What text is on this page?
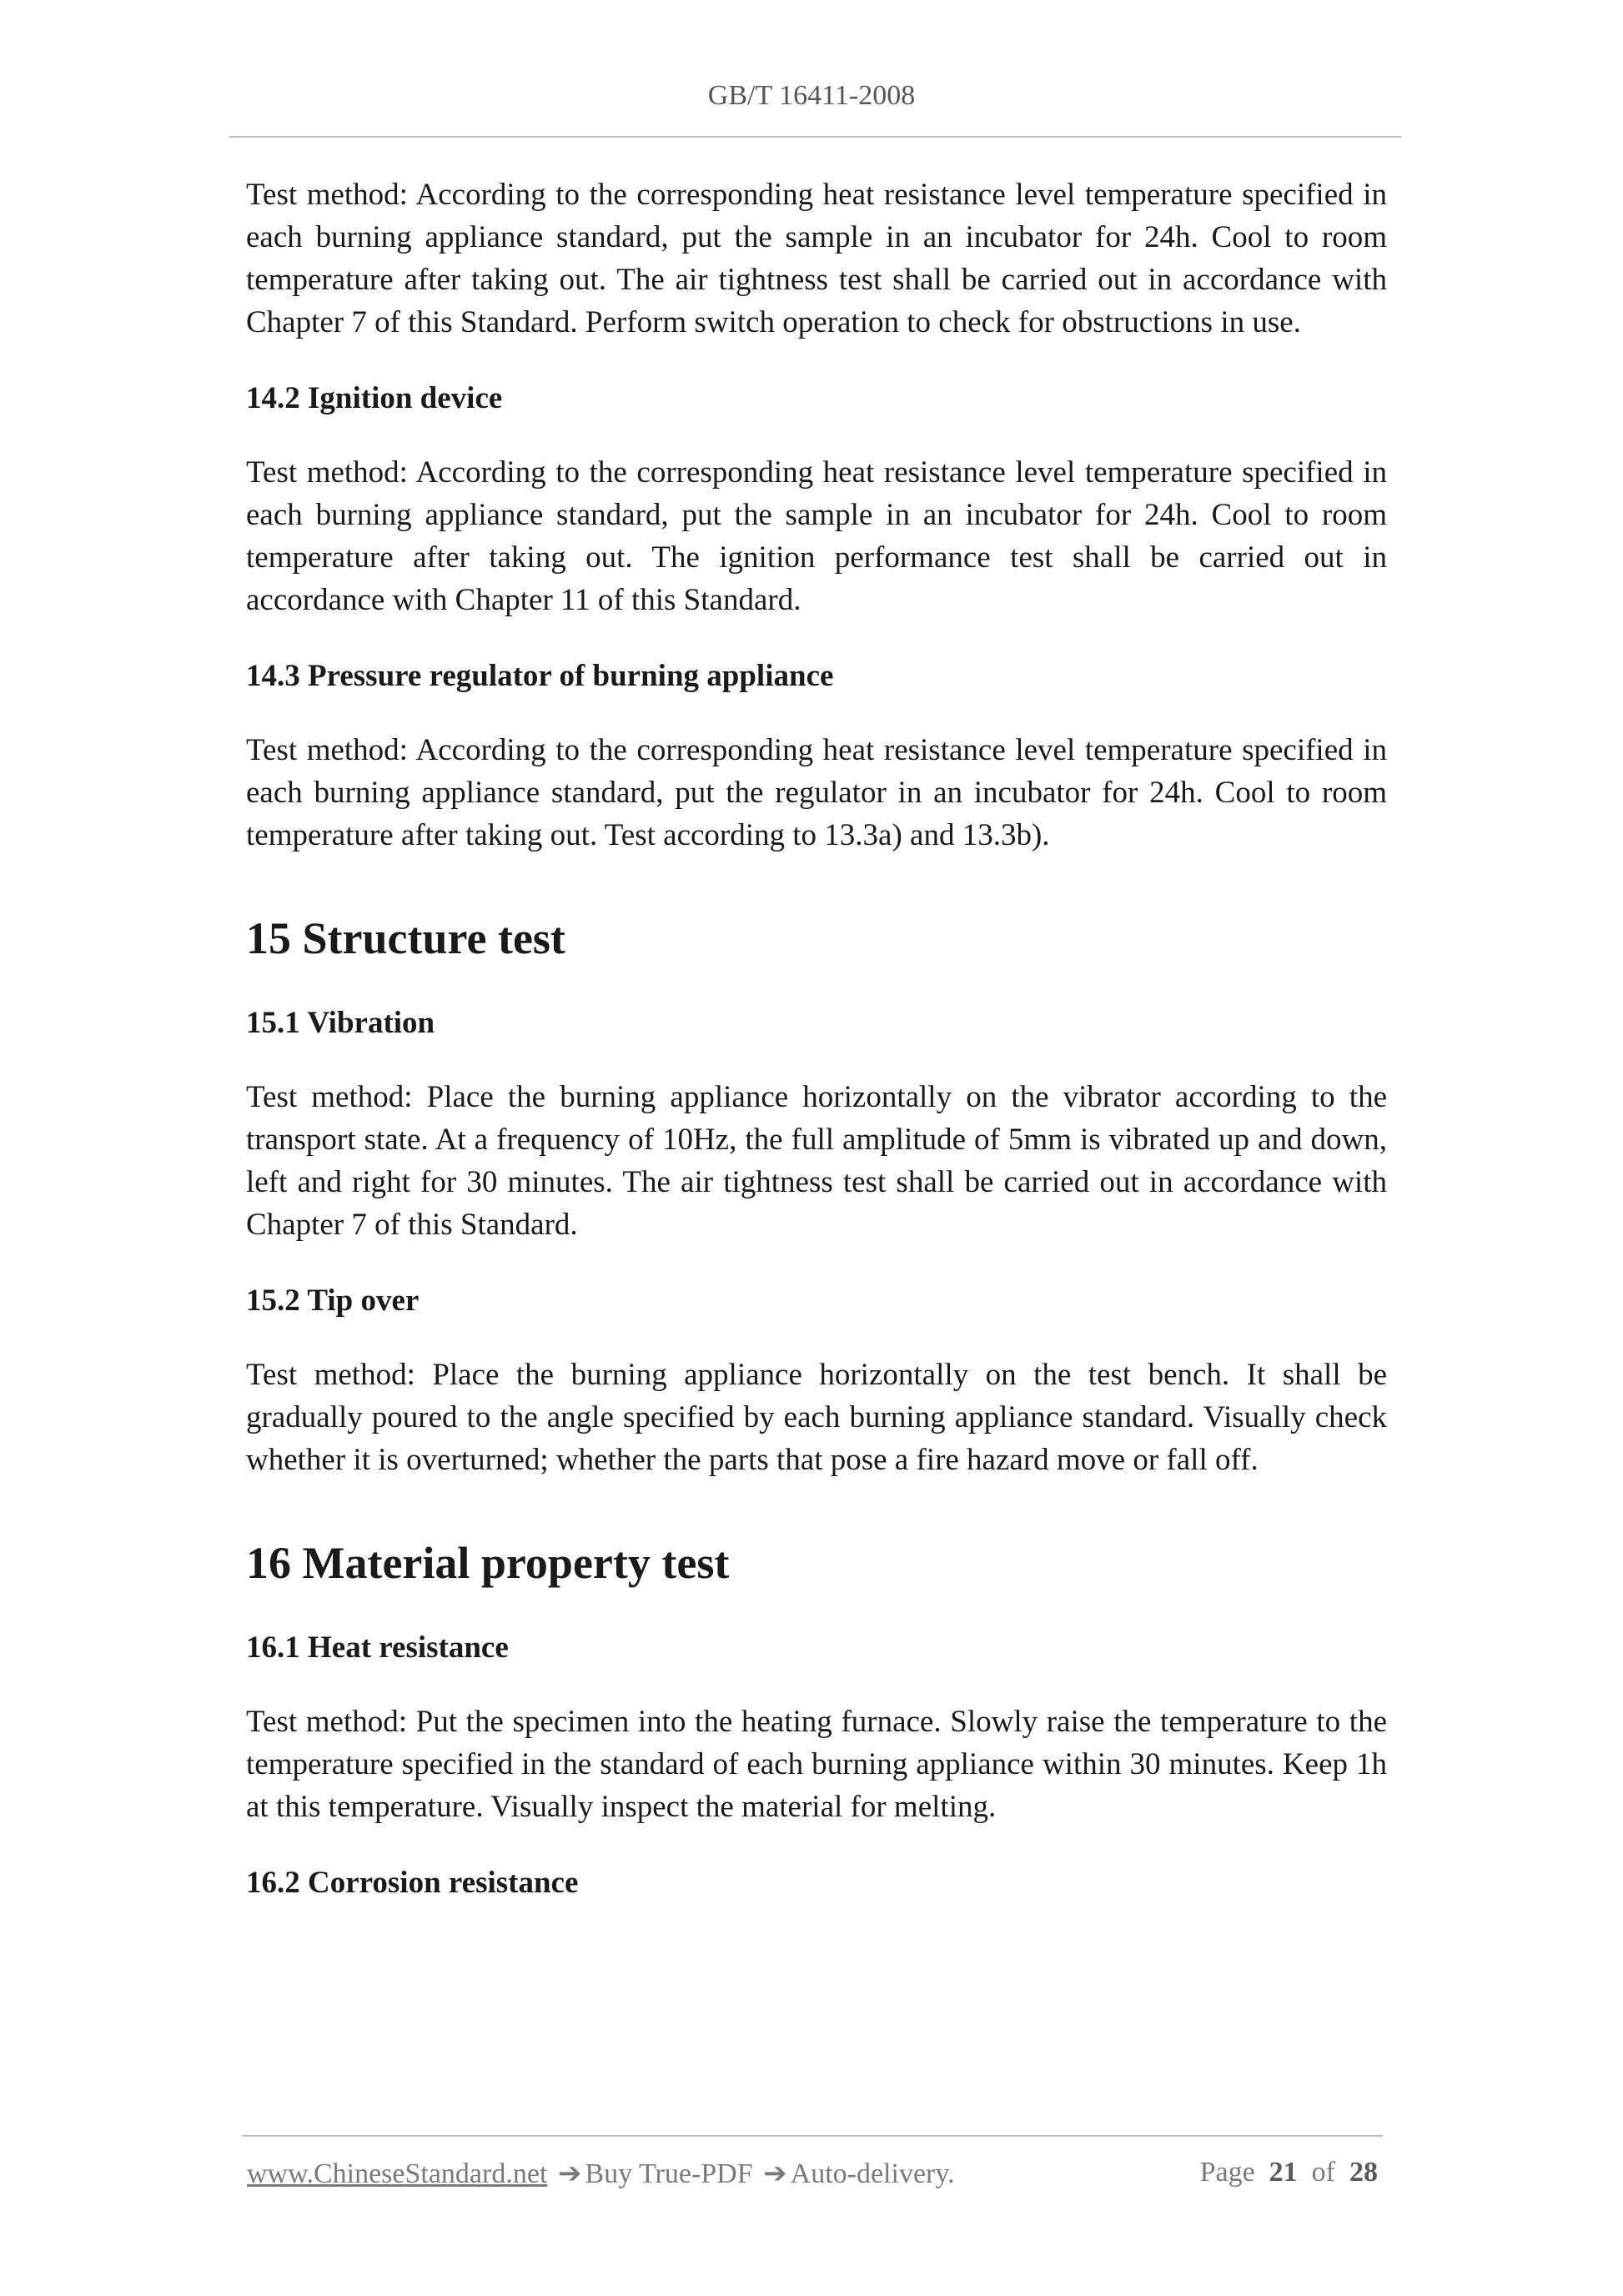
GB/T 16411-2008

Test method: According to the corresponding heat resistance level temperature specified in each burning appliance standard, put the sample in an incubator for 24h. Cool to room temperature after taking out. The air tightness test shall be carried out in accordance with Chapter 7 of this Standard. Perform switch operation to check for obstructions in use.

14.2 Ignition device

Test method: According to the corresponding heat resistance level temperature specified in each burning appliance standard, put the sample in an incubator for 24h. Cool to room temperature after taking out. The ignition performance test shall be carried out in accordance with Chapter 11 of this Standard.

14.3 Pressure regulator of burning appliance

Test method: According to the corresponding heat resistance level temperature specified in each burning appliance standard, put the regulator in an incubator for 24h. Cool to room temperature after taking out. Test according to 13.3a) and 13.3b).

15 Structure test

15.1 Vibration

Test method: Place the burning appliance horizontally on the vibrator according to the transport state. At a frequency of 10Hz, the full amplitude of 5mm is vibrated up and down, left and right for 30 minutes. The air tightness test shall be carried out in accordance with Chapter 7 of this Standard.

15.2 Tip over

Test method: Place the burning appliance horizontally on the test bench. It shall be gradually poured to the angle specified by each burning appliance standard. Visually check whether it is overturned; whether the parts that pose a fire hazard move or fall off.

16 Material property test

16.1 Heat resistance

Test method: Put the specimen into the heating furnace. Slowly raise the temperature to the temperature specified in the standard of each burning appliance within 30 minutes. Keep 1h at this temperature. Visually inspect the material for melting.

16.2 Corrosion resistance

www.ChineseStandard.net ➔ Buy True-PDF ➔ Auto-delivery.	Page 21 of 28
